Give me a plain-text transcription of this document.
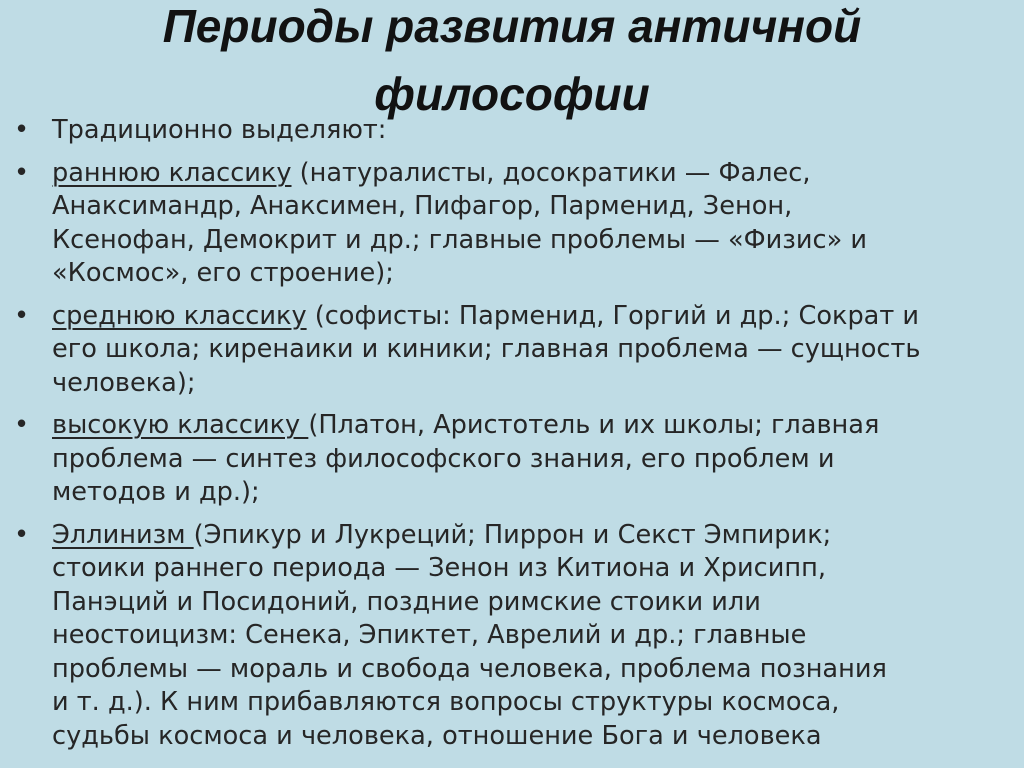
Периоды развития античной
философии
• Традиционно выделяют:
• раннюю классику (натуралисты, досократики — Фалес,
Анаксимандр, Анаксимен, Пифагор, Парменид, Зенон,
Ксенофан, Демокрит и др.; главные проблемы — «Физис» и
«Космос», его строение);
• среднюю классику (софисты: Парменид, Горгий и др.; Сократ и
его школа; киренаики и киники; главная проблема — сущность
человека);
• высокую классику (Платон, Аристотель и их школы; главная
проблема — синтез философского знания, его проблем и
методов и др.);
• Эллинизм (Эпикур и Лукреций; Пиррон и Секст Эмпирик;
стоики раннего периода — Зенон из Китиона и Хрисипп,
Панэций и Посидоний, поздние римские стоики или
неостоицизм: Сенека, Эпиктет, Аврелий и др.; главные
проблемы — мораль и свобода человека, проблема познания
и т. д.). К ним прибавляются вопросы структуры космоса,
судьбы космоса и человека, отношение Бога и человека
